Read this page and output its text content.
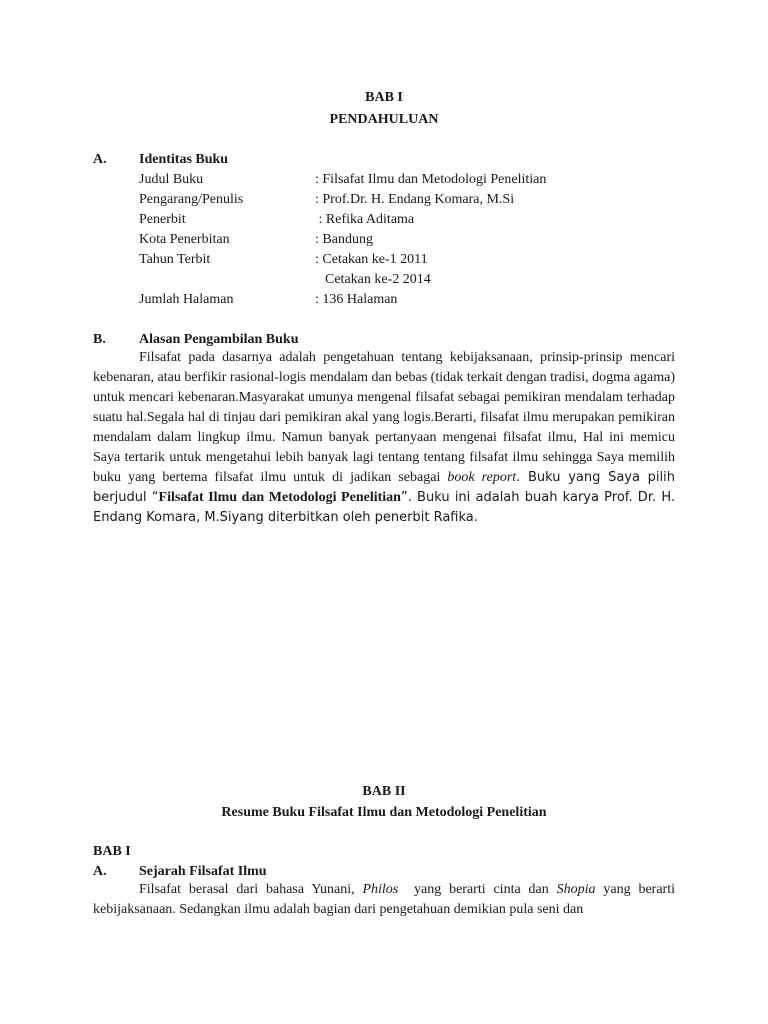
BAB I
PENDAHULUAN
A. Identitas Buku
Judul Buku	: Filsafat Ilmu dan Metodologi Penelitian
Pengarang/Penulis	: Prof.Dr. H. Endang Komara, M.Si
Penerbit	: Refika Aditama
Kota Penerbitan	: Bandung
Tahun Terbit	: Cetakan ke-1 2011
Cetakan ke-2 2014
Jumlah Halaman	: 136 Halaman
B. Alasan Pengambilan Buku

Filsafat pada dasarnya adalah pengetahuan tentang kebijaksanaan, prinsip-prinsip mencari kebenaran, atau berfikir rasional-logis mendalam dan bebas (tidak terkait dengan tradisi, dogma agama) untuk mencari kebenaran.Masyarakat umunya mengenal filsafat sebagai pemikiran mendalam terhadap suatu hal.Segala hal di tinjau dari pemikiran akal yang logis.Berarti, filsafat ilmu merupakan pemikiran mendalam dalam lingkup ilmu. Namun banyak pertanyaan mengenai filsafat ilmu, Hal ini memicu Saya tertarik untuk mengetahui lebih banyak lagi tentang tentang filsafat ilmu sehingga Saya memilih buku yang bertema filsafat ilmu untuk di jadikan sebagai book report. Buku yang Saya pilih berjudul “Filsafat Ilmu dan Metodologi Penelitian”. Buku ini adalah buah karya Prof. Dr. H. Endang Komara, M.Siyang diterbitkan oleh penerbit Rafika.

BAB II
Resume Buku Filsafat Ilmu dan Metodologi Penelitian
BAB I
A. Sejarah Filsafat Ilmu

Filsafat berasal dari bahasa Yunani, Philos  yang berarti cinta dan Shopia yang berarti kebijaksanaan. Sedangkan ilmu adalah bagian dari pengetahuan demikian pula seni dan
